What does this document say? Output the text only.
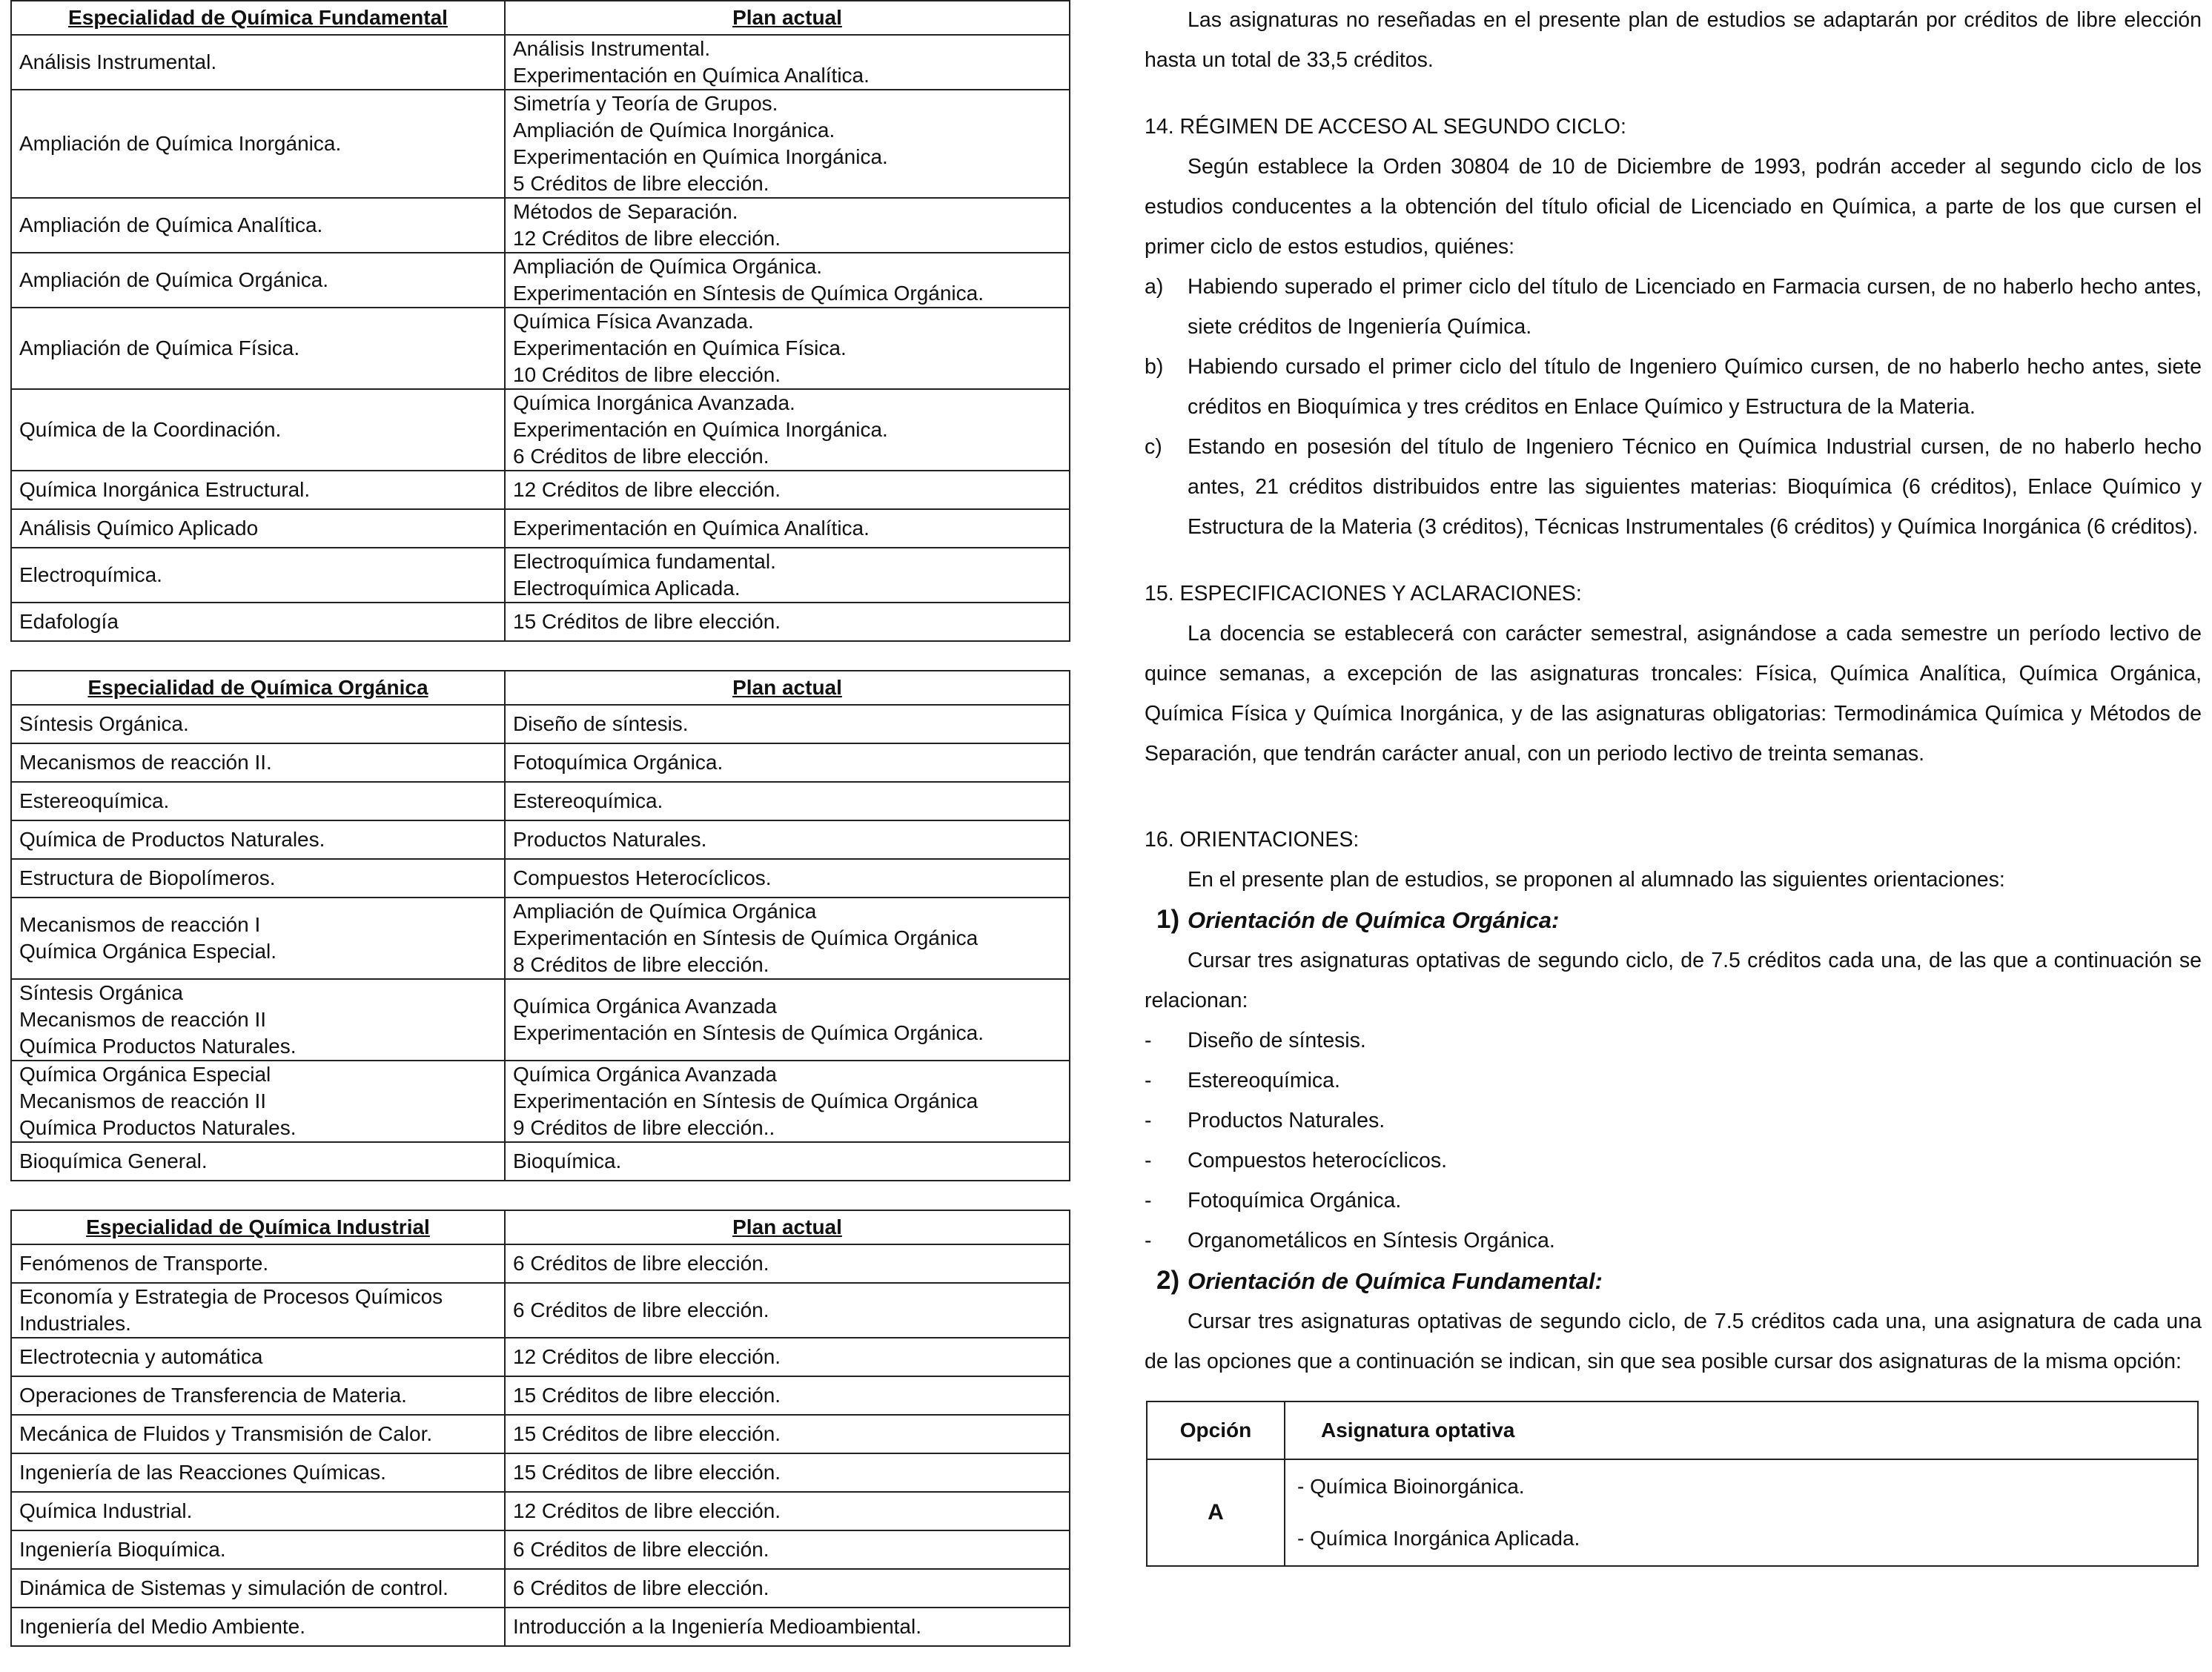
Especialidad de Química Fundamental	Plan actual

Análisis Instrumental.	Análisis Instrumental.
Experimentación en Química Analítica.

Ampliación de Química Inorgánica.	Simetría y Teoría de Grupos.
Ampliación de Química Inorgánica.
Experimentación en Química Inorgánica.
5 Créditos de libre elección.

Ampliación de Química Analítica.	Métodos de Separación.
12 Créditos de libre elección.

Ampliación de Química Orgánica.	Ampliación de Química Orgánica.
Experimentación en Síntesis de Química Orgánica.

Ampliación de Química Física.	Química Física Avanzada.
Experimentación en Química Física.
10 Créditos de libre elección.

Química de la Coordinación.	Química Inorgánica Avanzada.
Experimentación en Química Inorgánica.
6 Créditos de libre elección.

Química Inorgánica Estructural.	12 Créditos de libre elección.

Análisis Químico Aplicado	Experimentación en Química Analítica.

Electroquímica.	Electroquímica fundamental.
Electroquímica Aplicada.

Edafología	15 Créditos de libre elección.
Especialidad de Química Orgánica	Plan actual

Síntesis Orgánica.	Diseño de síntesis.

Mecanismos de reacción II.	Fotoquímica Orgánica.

Estereoquímica.	Estereoquímica.

Química de Productos Naturales.	Productos Naturales.

Estructura de Biopolímeros.	Compuestos Heterocíclicos.

Mecanismos de reacción I
Química Orgánica Especial.	Ampliación de Química Orgánica
Experimentación en Síntesis de Química Orgánica
8 Créditos de libre elección.

Síntesis Orgánica
Mecanismos de reacción II
Química Productos Naturales.	Química Orgánica Avanzada
Experimentación en Síntesis de Química Orgánica.

Química Orgánica Especial
Mecanismos de reacción II
Química Productos Naturales.	Química Orgánica Avanzada
Experimentación en Síntesis de Química Orgánica
9 Créditos de libre elección..

Bioquímica General.	Bioquímica.
Especialidad de Química Industrial	Plan actual

Fenómenos de Transporte.	6 Créditos de libre elección.

Economía y Estrategia de Procesos Químicos
Industriales.	6 Créditos de libre elección.

Electrotecnia y automática	12 Créditos de libre elección.

Operaciones de Transferencia de Materia.	15 Créditos de libre elección.

Mecánica de Fluidos y Transmisión de Calor.	15 Créditos de libre elección.

Ingeniería de las Reacciones Químicas.	15 Créditos de libre elección.

Química Industrial.	12 Créditos de libre elección.

Ingeniería Bioquímica.	6 Créditos de libre elección.

Dinámica de Sistemas y simulación de control.	6 Créditos de libre elección.

Ingeniería del Medio Ambiente.	Introducción a la Ingeniería Medioambiental.

Las asignaturas no reseñadas en el presente plan de estudios se adaptarán por créditos de libre elección hasta un total de 33,5 créditos.

14. RÉGIMEN DE ACCESO AL SEGUNDO CICLO:

Según establece la Orden 30804 de 10 de Diciembre de 1993, podrán acceder al segundo ciclo de los estudios conducentes a la obtención del título oficial de Licenciado en Química, a parte de los que cursen el primer ciclo de estos estudios, quiénes:

a)	Habiendo superado el primer ciclo del título de Licenciado en Farmacia cursen, de no haberlo hecho antes, siete créditos de Ingeniería Química.
b)	Habiendo cursado el primer ciclo del título de Ingeniero Químico cursen, de no haberlo hecho antes, siete créditos en Bioquímica y tres créditos en Enlace Químico y Estructura de la Materia.
c)	Estando en posesión del título de Ingeniero Técnico en Química Industrial cursen, de no haberlo hecho antes, 21 créditos distribuidos entre las siguientes materias: Bioquímica (6 créditos), Enlace Químico y Estructura de la Materia (3 créditos), Técnicas Instrumentales (6 créditos) y Química Inorgánica (6 créditos).

15. ESPECIFICACIONES Y ACLARACIONES:

La docencia se establecerá con carácter semestral, asignándose a cada semestre un período lectivo de quince semanas, a excepción de las asignaturas troncales: Física, Química Analítica, Química Orgánica, Química Física y Química Inorgánica, y de las asignaturas obligatorias: Termodinámica Química y Métodos de Separación, que tendrán carácter anual, con un periodo lectivo de treinta semanas.

16. ORIENTACIONES:

En el presente plan de estudios, se proponen al alumnado las siguientes orientaciones:

1) Orientación de Química Orgánica:

Cursar tres asignaturas optativas de segundo ciclo, de 7.5 créditos cada una, de las que a continuación se relacionan:

-	Diseño de síntesis.
-	Estereoquímica.
-	Productos Naturales.
-	Compuestos heterocíclicos.
-	Fotoquímica Orgánica.
-	Organometálicos en Síntesis Orgánica.
2) Orientación de Química Fundamental:

Cursar tres asignaturas optativas de segundo ciclo, de 7.5 créditos cada una, una asignatura de cada una de las opciones que a continuación se indican, sin que sea posible cursar dos asignaturas de la misma opción:

Opción	Asignatura optativa
A	- Química Bioinorgánica.
- Química Inorgánica Aplicada.
